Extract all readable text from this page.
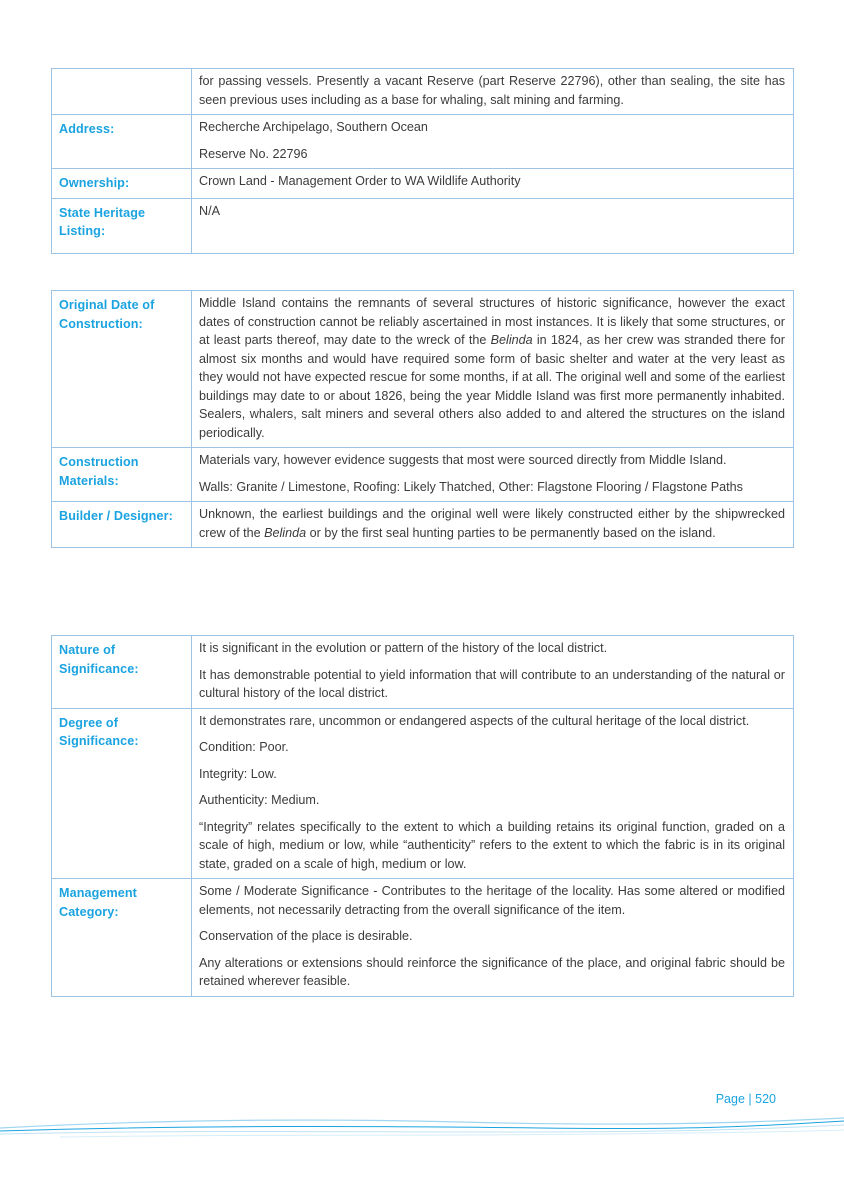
	for passing vessels. Presently a vacant Reserve (part Reserve 22796), other than sealing, the site has seen previous uses including as a base for whaling, salt mining and farming.

Address:	Recherche Archipelago, Southern Ocean

Reserve No. 22796

Ownership:	Crown Land - Management Order to WA Wildlife Authority

State Heritage Listing:	N/A

Original Date of Construction:	Middle Island contains the remnants of several structures of historic significance, however the exact dates of construction cannot be reliably ascertained in most instances. It is likely that some structures, or at least parts thereof, may date to the wreck of the Belinda in 1824, as her crew was stranded there for almost six months and would have required some form of basic shelter and water at the very least as they would not have expected rescue for some months, if at all. The original well and some of the earliest buildings may date to or about 1826, being the year Middle Island was first more permanently inhabited. Sealers, whalers, salt miners and several others also added to and altered the structures on the island periodically.

Construction Materials:	Materials vary, however evidence suggests that most were sourced directly from Middle Island.

Walls: Granite / Limestone, Roofing: Likely Thatched, Other: Flagstone Flooring / Flagstone Paths

Builder / Designer:	Unknown, the earliest buildings and the original well were likely constructed either by the shipwrecked crew of the Belinda or by the first seal hunting parties to be permanently based on the island.

Nature of Significance:	It is significant in the evolution or pattern of the history of the local district.

It has demonstrable potential to yield information that will contribute to an understanding of the natural or cultural history of the local district.

Degree of Significance:	It demonstrates rare, uncommon or endangered aspects of the cultural heritage of the local district.

Condition: Poor.

Integrity: Low.

Authenticity: Medium.

“Integrity” relates specifically to the extent to which a building retains its original function, graded on a scale of high, medium or low, while “authenticity” refers to the extent to which the fabric is in its original state, graded on a scale of high, medium or low.

Management Category:	Some / Moderate Significance - Contributes to the heritage of the locality. Has some altered or modified elements, not necessarily detracting from the overall significance of the item.

Conservation of the place is desirable.

Any alterations or extensions should reinforce the significance of the place, and original fabric should be retained wherever feasible.

Page | 520
